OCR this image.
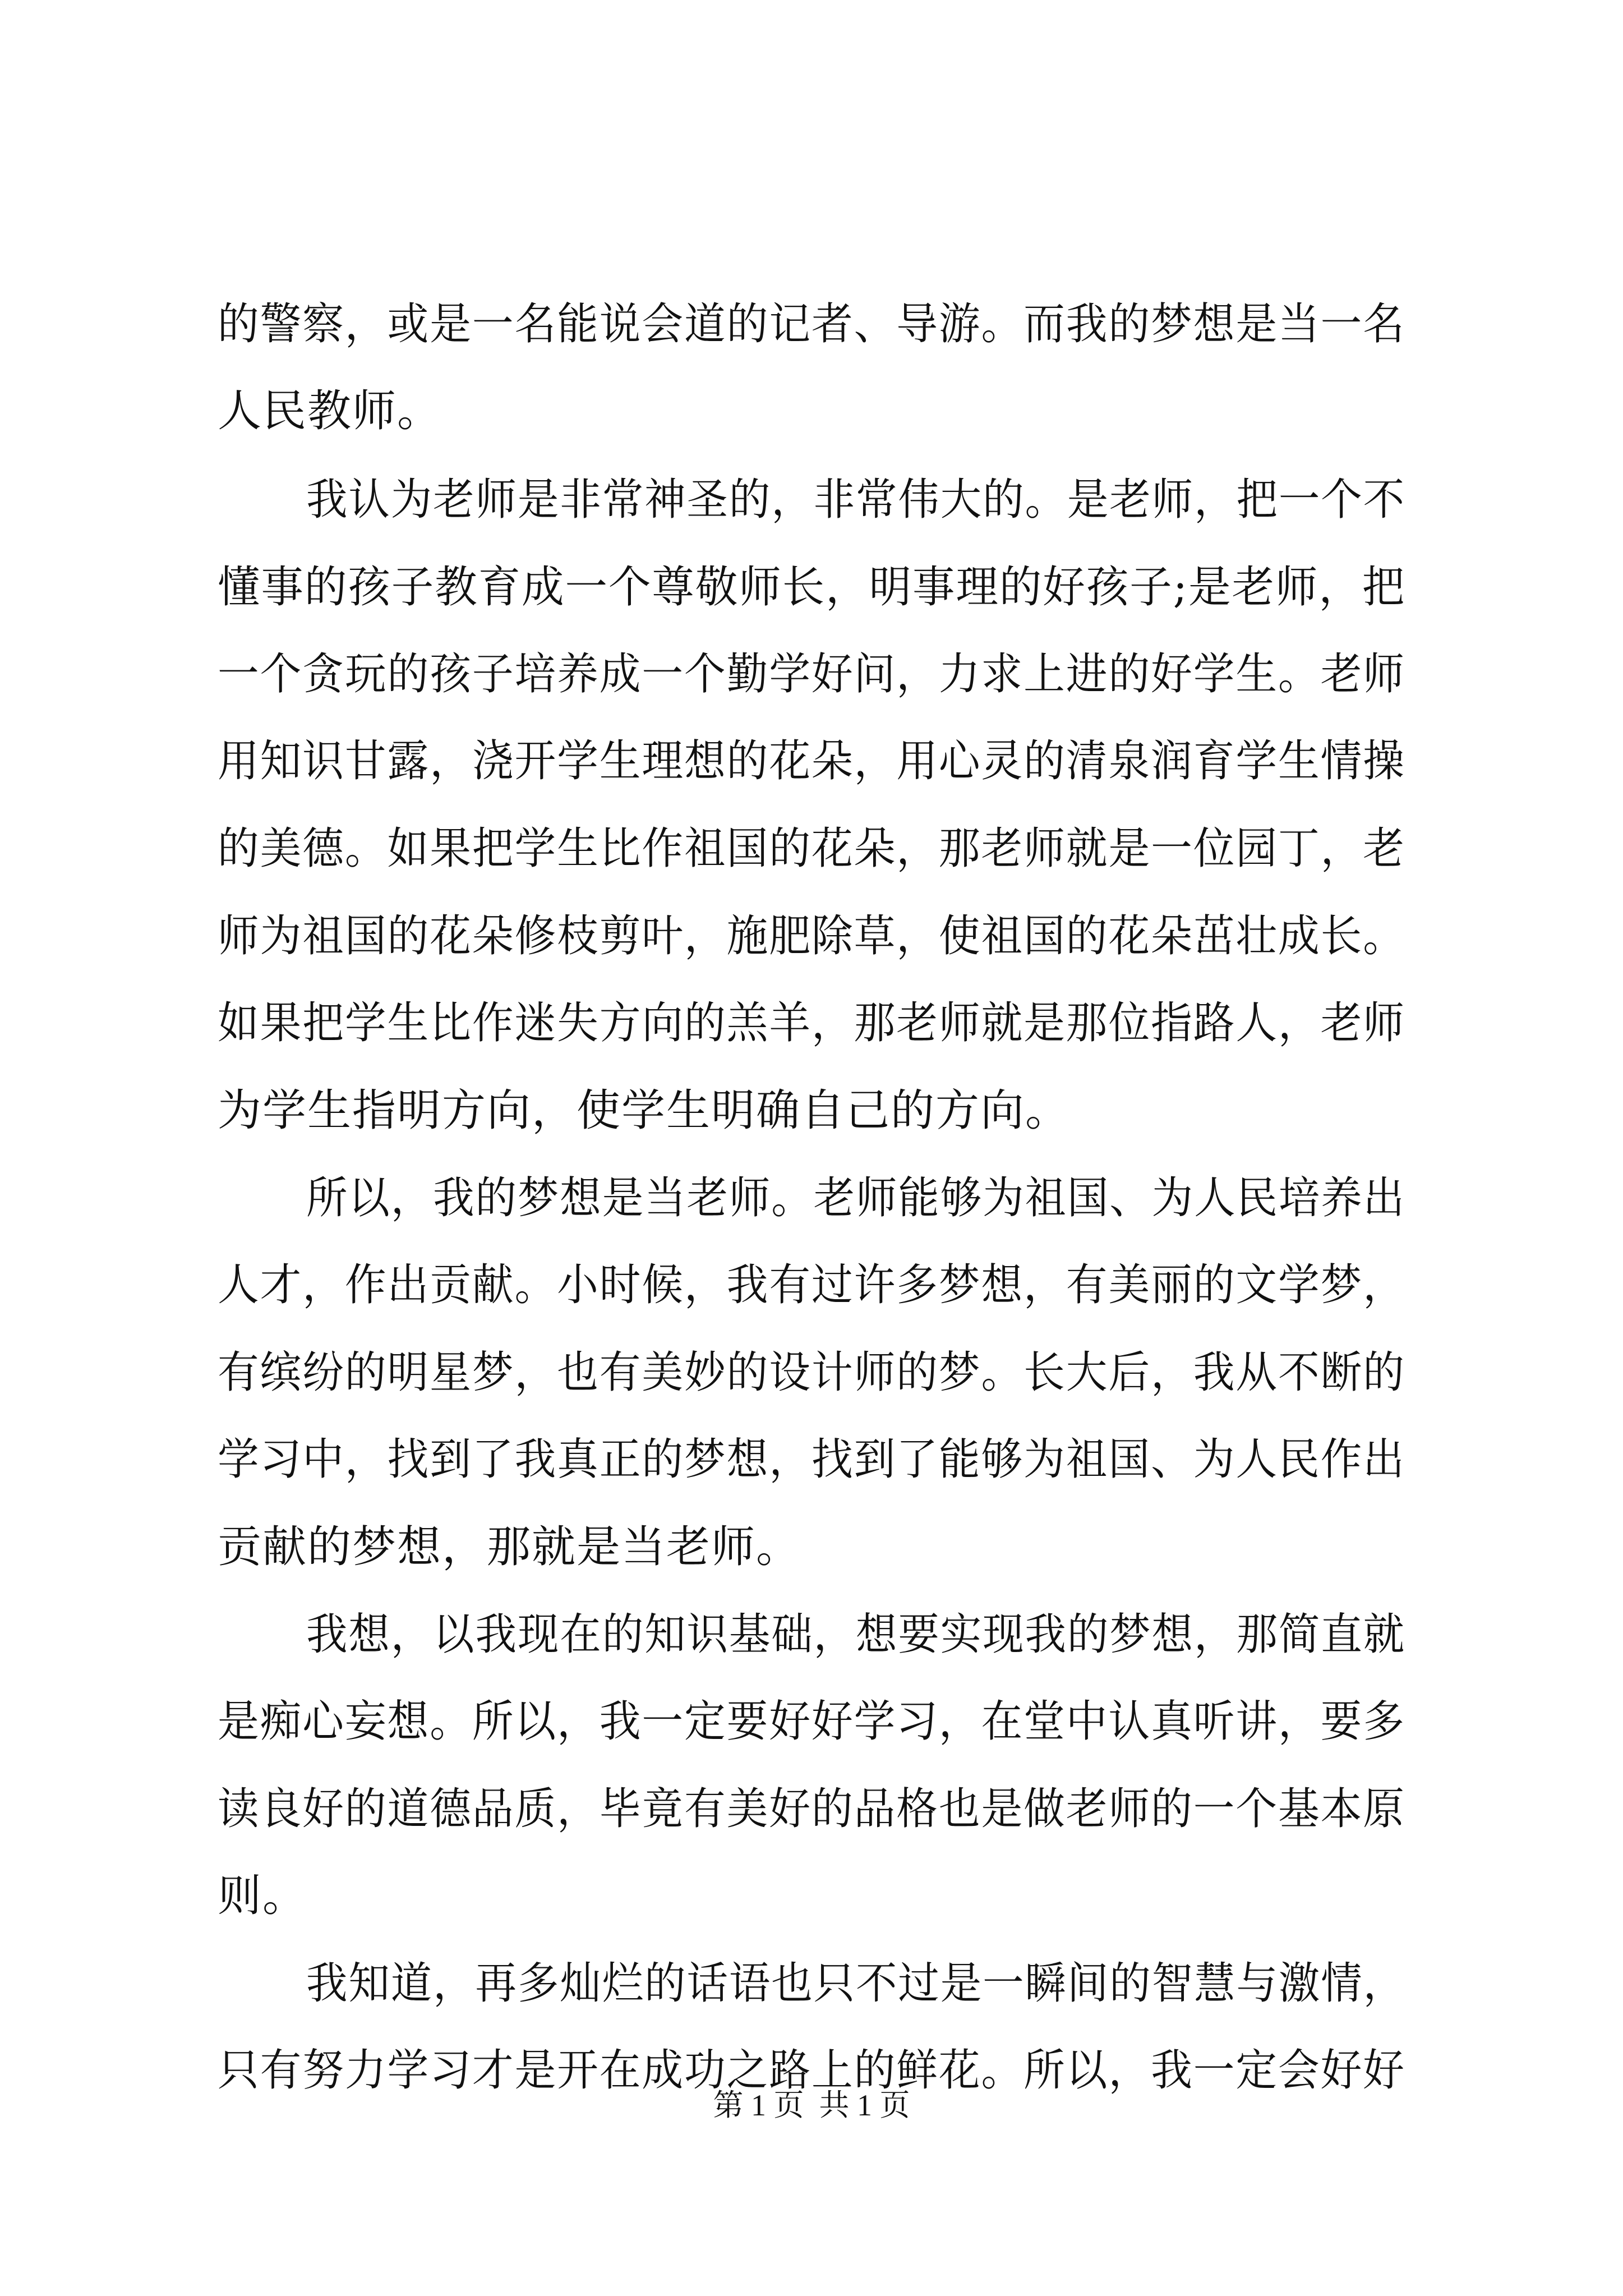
的警察，或是一名能说会道的记者、导游。而我的梦想是当一名
人民教师。
我认为老师是非常神圣的，非常伟大的。是老师，把一个不
懂事的孩子教育成一个尊敬师长，明事理的好孩子;是老师，把
一个贪玩的孩子培养成一个勤学好问，力求上进的好学生。老师
用知识甘露，浇开学生理想的花朵，用心灵的清泉润育学生情操
的美德。如果把学生比作祖国的花朵，那老师就是一位园丁，老
师为祖国的花朵修枝剪叶，施肥除草，使祖国的花朵茁壮成长。
如果把学生比作迷失方向的羔羊，那老师就是那位指路人，老师
为学生指明方向，使学生明确自己的方向。
所以，我的梦想是当老师。老师能够为祖国、为人民培养出
人才，作出贡献。小时候，我有过许多梦想，有美丽的文学梦，
有缤纷的明星梦，也有美妙的设计师的梦。长大后，我从不断的
学习中，找到了我真正的梦想，找到了能够为祖国、为人民作出
贡献的梦想，那就是当老师。
我想，以我现在的知识基础，想要实现我的梦想，那简直就
是痴心妄想。所以，我一定要好好学习，在堂中认真听讲，要多
读良好的道德品质，毕竟有美好的品格也是做老师的一个基本原
则。
我知道，再多灿烂的话语也只不过是一瞬间的智慧与激情，
只有努力学习才是开在成功之路上的鲜花。所以，我一定会好好
第 1 页  共 1 页
